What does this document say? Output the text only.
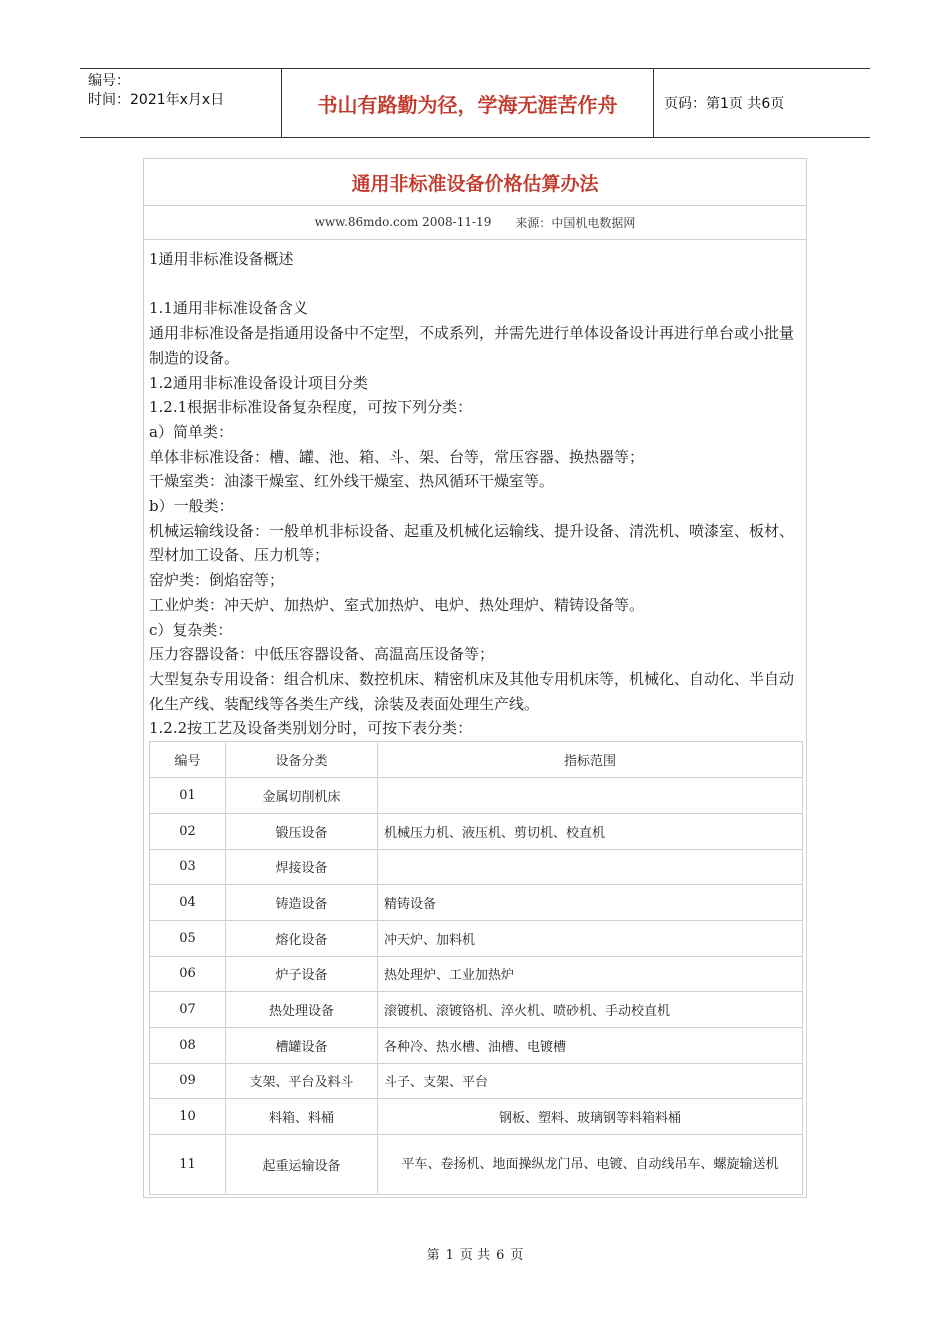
编号：
时间：2021年x月x日	书山有路勤为径，学海无涯苦作舟	页码：第1页 共6页
通用非标准设备价格估算办法
www.86mdo.com 2008-11-19 来源：中国机电数据网

1通用非标准设备概述

1.1通用非标准设备含义

通用非标准设备是指通用设备中不定型，不成系列，并需先进行单体设备设计再进行单台或小批量制造的设备。

1.2通用非标准设备设计项目分类

1.2.1根据非标准设备复杂程度，可按下列分类：

a）简单类：

单体非标准设备：槽、罐、池、箱、斗、架、台等，常压容器、换热器等；

干燥室类：油漆干燥室、红外线干燥室、热风循环干燥室等。

b）一般类：

机械运输线设备：一般单机非标设备、起重及机械化运输线、提升设备、清洗机、喷漆室、板材、型材加工设备、压力机等；

窑炉类：倒焰窑等；

工业炉类：冲天炉、加热炉、室式加热炉、电炉、热处理炉、精铸设备等。

c）复杂类：

压力容器设备：中低压容器设备、高温高压设备等；

大型复杂专用设备：组合机床、数控机床、精密机床及其他专用机床等，机械化、自动化、半自动化生产线、装配线等各类生产线，涂装及表面处理生产线。

1.2.2按工艺及设备类别划分时，可按下表分类：

编号	设备分类	指标范围
01	金属切削机床
02	锻压设备	机械压力机、液压机、剪切机、校直机
03	焊接设备
04	铸造设备	精铸设备
05	熔化设备	冲天炉、加料机
06	炉子设备	热处理炉、工业加热炉
07	热处理设备	滚镀机、滚镀铬机、淬火机、喷砂机、手动校直机
08	槽罐设备	各种冷、热水槽、油槽、电镀槽
09	支架、平台及料斗	斗子、支架、平台
10	料箱、料桶	钢板、塑料、玻璃钢等料箱料桶
11	起重运输设备	平车、卷扬机、地面操纵龙门吊、电镀、自动线吊车、螺旋输送机
第 1 页 共 6 页
